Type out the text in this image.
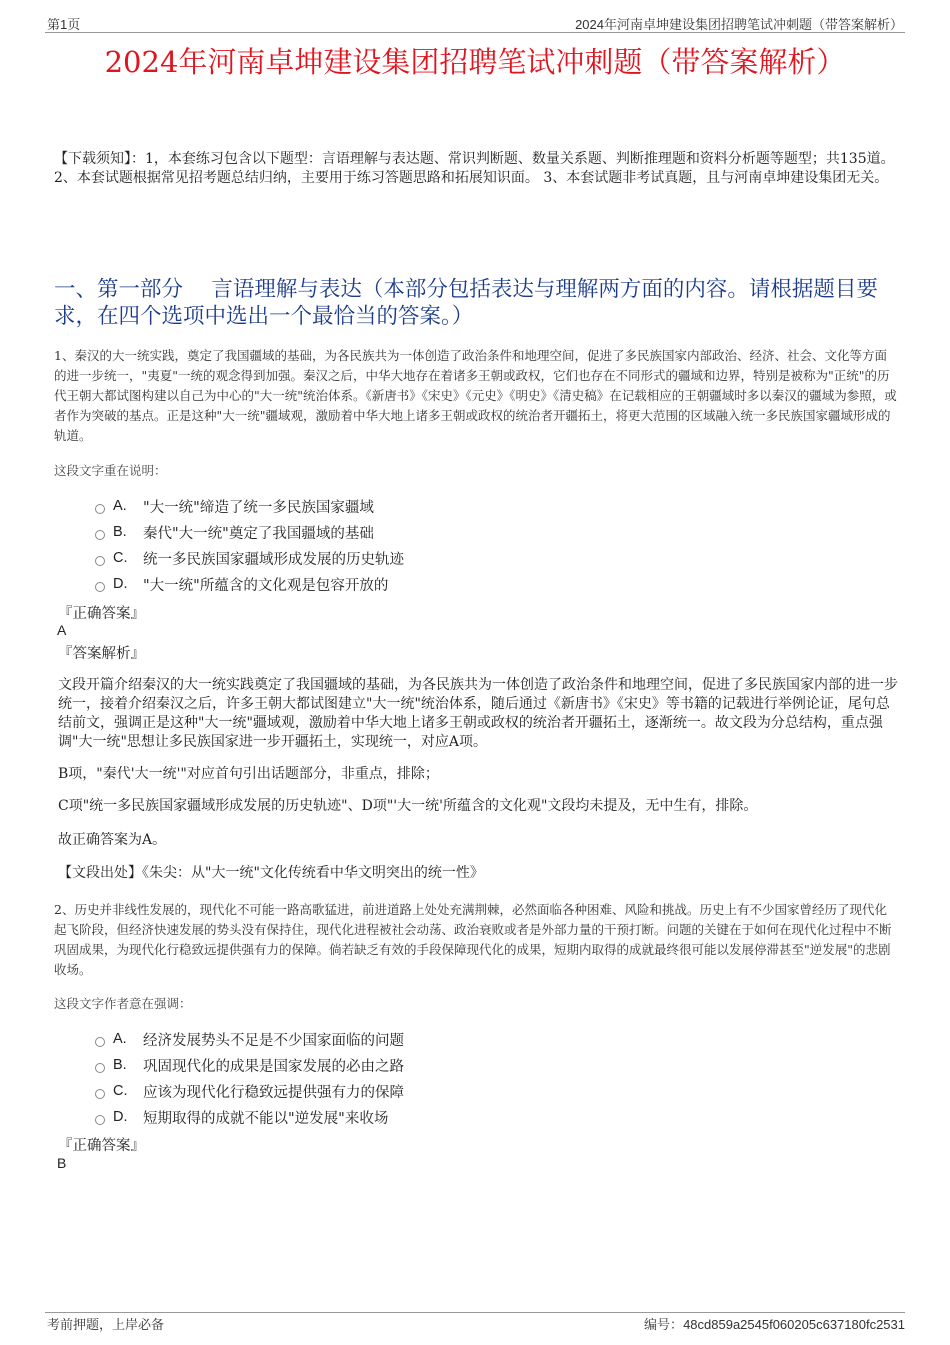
第1页	2024年河南卓坤建设集团招聘笔试冲刺题（带答案解析）
2024年河南卓坤建设集团招聘笔试冲刺题（带答案解析）
【下载须知】：1，本套练习包含以下题型：言语理解与表达题、常识判断题、数量关系题、判断推理题和资料分析题等题型；共135道。 2、本套试题根据常见招考题总结归纳，主要用于练习答题思路和拓展知识面。 3、本套试题非考试真题，且与河南卓坤建设集团无关。
一、第一部分　 言语理解与表达（本部分包括表达与理解两方面的内容。请根据题目要求，在四个选项中选出一个最恰当的答案。）
1、秦汉的大一统实践，奠定了我国疆域的基础，为各民族共为一体创造了政治条件和地理空间，促进了多民族国家内部政治、经济、社会、文化等方面的进一步统一，"夷夏"一统的观念得到加强。秦汉之后，中华大地存在着诸多王朝或政权，它们也存在不同形式的疆域和边界，特别是被称为"正统"的历代王朝大都试图构建以自己为中心的"大一统"统治体系。《新唐书》《宋史》《元史》《明史》《清史稿》在记载相应的王朝疆域时多以秦汉的疆域为参照，或者作为突破的基点。正是这种"大一统"疆域观，激励着中华大地上诸多王朝或政权的统治者开疆拓土，将更大范围的区域融入统一多民族国家疆域形成的轨道。
这段文字重在说明：
A.	"大一统"缔造了统一多民族国家疆域
B.	秦代"大一统"奠定了我国疆域的基础
C.	统一多民族国家疆域形成发展的历史轨迹
D.	"大一统"所蕴含的文化观是包容开放的
『正确答案』
A
『答案解析』
文段开篇介绍秦汉的大一统实践奠定了我国疆域的基础，为各民族共为一体创造了政治条件和地理空间，促进了多民族国家内部的进一步统一，接着介绍秦汉之后，许多王朝大都试图建立"大一统"统治体系，随后通过《新唐书》《宋史》等书籍的记载进行举例论证，尾句总结前文，强调正是这种"大一统"疆域观，激励着中华大地上诸多王朝或政权的统治者开疆拓土，逐渐统一。故文段为分总结构，重点强调"大一统"思想让多民族国家进一步开疆拓土，实现统一，对应A项。
B项，"秦代'大一统'"对应首句引出话题部分，非重点，排除；
C项"统一多民族国家疆域形成发展的历史轨迹"、D项"'大一统'所蕴含的文化观"文段均未提及，无中生有，排除。
故正确答案为A。
【文段出处】《朱尖：从"大一统"文化传统看中华文明突出的统一性》
2、历史并非线性发展的，现代化不可能一路高歌猛进，前进道路上处处充满荆棘，必然面临各种困难、风险和挑战。历史上有不少国家曾经历了现代化起飞阶段，但经济快速发展的势头没有保持住，现代化进程被社会动荡、政治衰败或者是外部力量的干预打断。问题的关键在于如何在现代化过程中不断巩固成果，为现代化行稳致远提供强有力的保障。倘若缺乏有效的手段保障现代化的成果，短期内取得的成就最终很可能以发展停滞甚至"逆发展"的悲剧收场。
这段文字作者意在强调：
A.	经济发展势头不足是不少国家面临的问题
B.	巩固现代化的成果是国家发展的必由之路
C.	应该为现代化行稳致远提供强有力的保障
D.	短期取得的成就不能以"逆发展"来收场
『正确答案』
B
考前押题，上岸必备	编号：48cd859a2545f060205c637180fc2531
